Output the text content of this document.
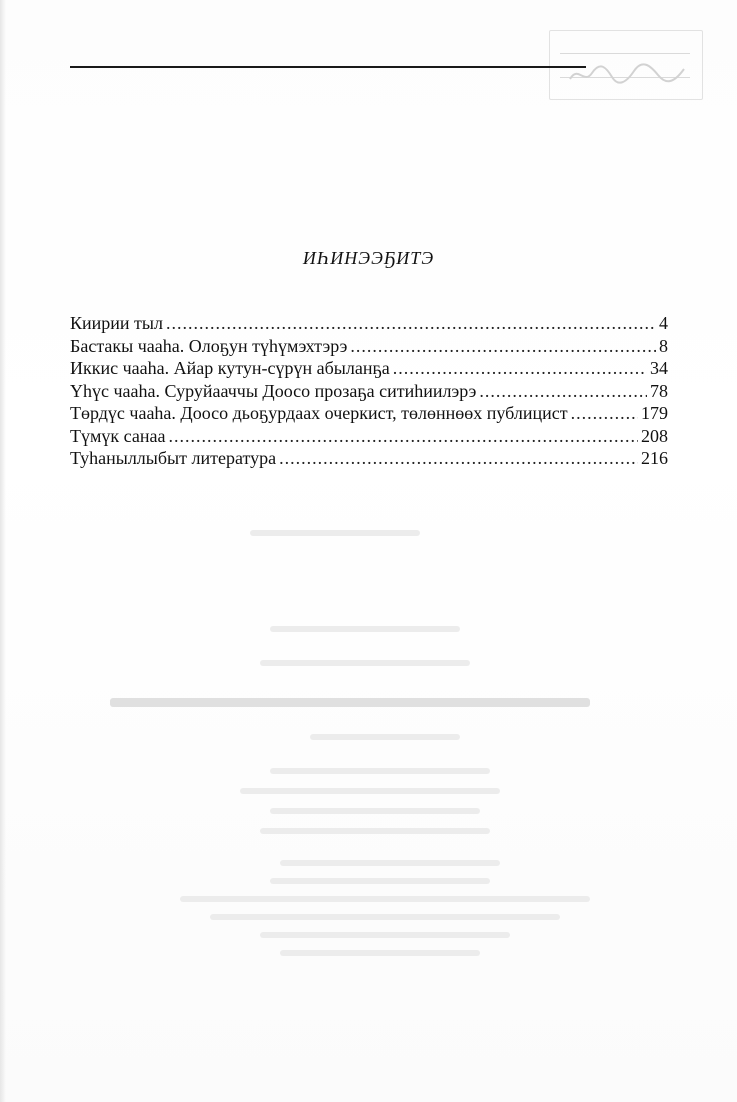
ИҺИНЭЭҔИТЭ
Киирии тыл .....	4
Бастакы чааһа. Олоҕун түһүмэхтэрэ .....	8
Иккис чааһа. Айар кутун-сүрүн абыланҕа .....	34
Үһүс чааһа. Суруйааччы Доосо прозаҕа ситиһиилэрэ .....	78
Төрдүс чааһа. Доосо дьоҕурдаах очеркист, төлөннөөх публицист .....	179
Түмүк санаа .....	208
Туһаныллыбыт литература .....	216
